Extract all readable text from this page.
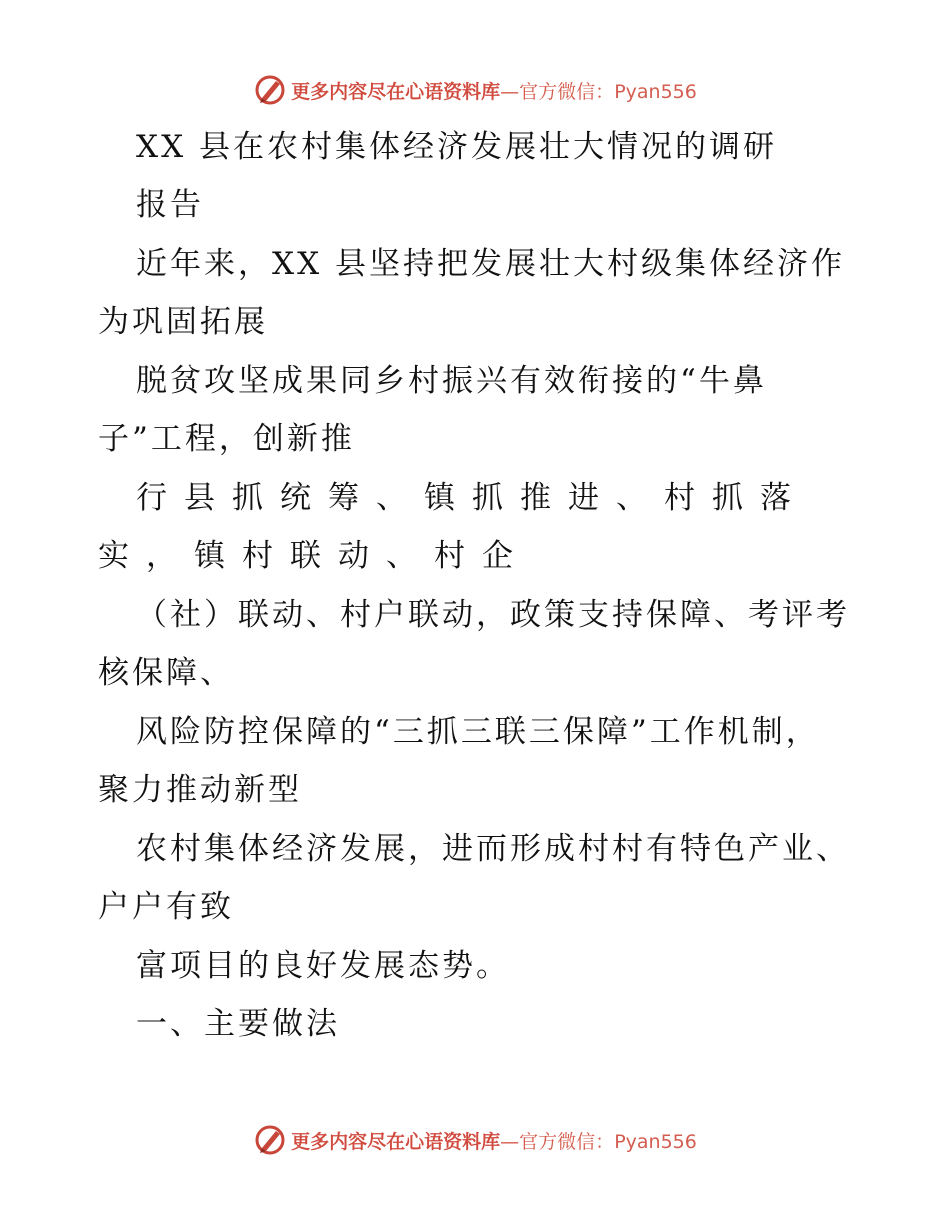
更多内容尽在心语资料库—官方微信：Pyan556
XX 县在农村集体经济发展壮大情况的调研
报告
近年来，XX 县坚持把发展壮大村级集体经济作
为巩固拓展
脱贫攻坚成果同乡村振兴有效衔接的“牛鼻
子”工程，创新推
行县抓统筹、镇抓推进、村抓落
实，镇村联动、村企
（社）联动、村户联动，政策支持保障、考评考
核保障、
风险防控保障的“三抓三联三保障”工作机制，
聚力推动新型
农村集体经济发展，进而形成村村有特色产业、
户户有致
富项目的良好发展态势。
一、主要做法
更多内容尽在心语资料库—官方微信：Pyan556
